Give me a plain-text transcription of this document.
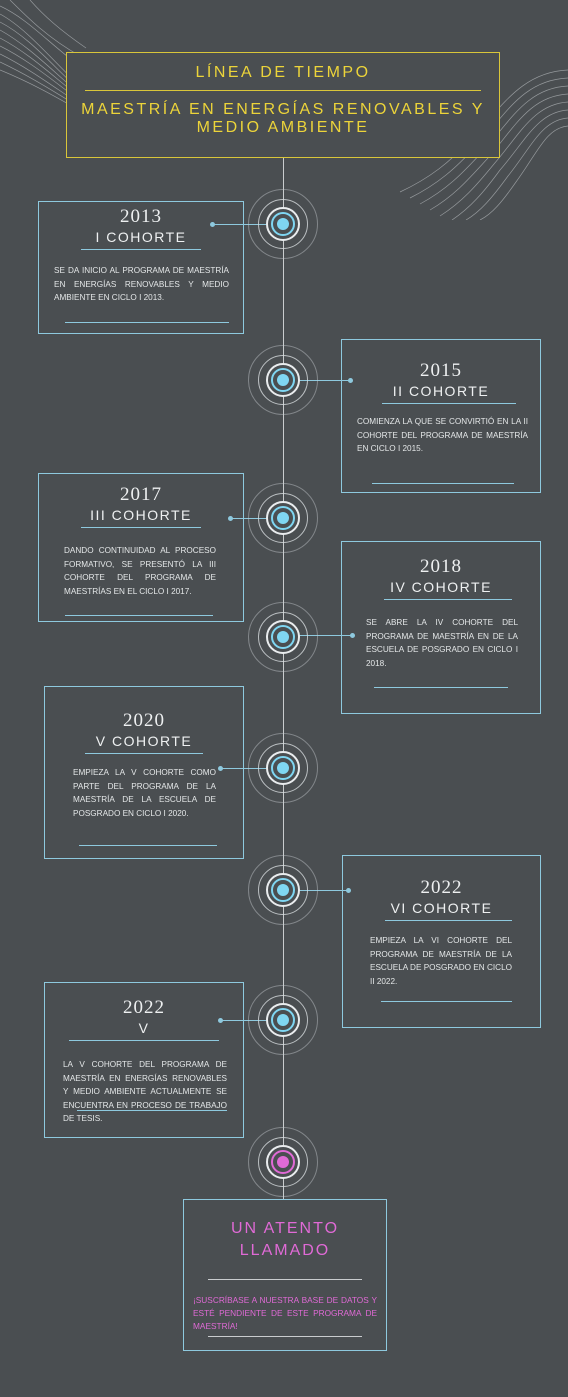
LÍNEA DE TIEMPO
MAESTRÍA EN ENERGÍAS RENOVABLES Y MEDIO AMBIENTE
2013
I COHORTE
SE DA INICIO AL PROGRAMA DE MAESTRÍA EN ENERGÍAS RENOVABLES Y MEDIO AMBIENTE EN CICLO I 2013.
2015
II COHORTE
COMIENZA LA QUE SE CONVIRTIÓ EN LA II COHORTE DEL PROGRAMA DE MAESTRÍA EN CICLO I 2015.
2017
III COHORTE
DANDO CONTINUIDAD AL PROCESO FORMATIVO, SE PRESENTÓ LA III COHORTE DEL PROGRAMA DE MAESTRÍAS EN EL CICLO I 2017.
2018
IV COHORTE
SE ABRE LA IV COHORTE DEL PROGRAMA DE MAESTRÍA EN DE LA ESCUELA DE POSGRADO EN CICLO I 2018.
2020
V COHORTE
EMPIEZA LA V COHORTE COMO PARTE DEL PROGRAMA DE LA MAESTRÍA DE LA ESCUELA DE POSGRADO EN CICLO I 2020.
2022
VI COHORTE
EMPIEZA LA VI COHORTE DEL PROGRAMA DE MAESTRÍA DE LA ESCUELA DE POSGRADO EN CICLO II 2022.
2022
V
LA V COHORTE DEL PROGRAMA DE MAESTRÍA EN ENERGÍAS RENOVABLES Y MEDIO AMBIENTE ACTUALMENTE SE ENCUENTRA EN PROCESO DE TRABAJO DE TESIS.
UN ATENTO LLAMADO
¡SUSCRÍBASE A NUESTRA BASE DE DATOS Y ESTÉ PENDIENTE DE ESTE PROGRAMA DE MAESTRÍA!
